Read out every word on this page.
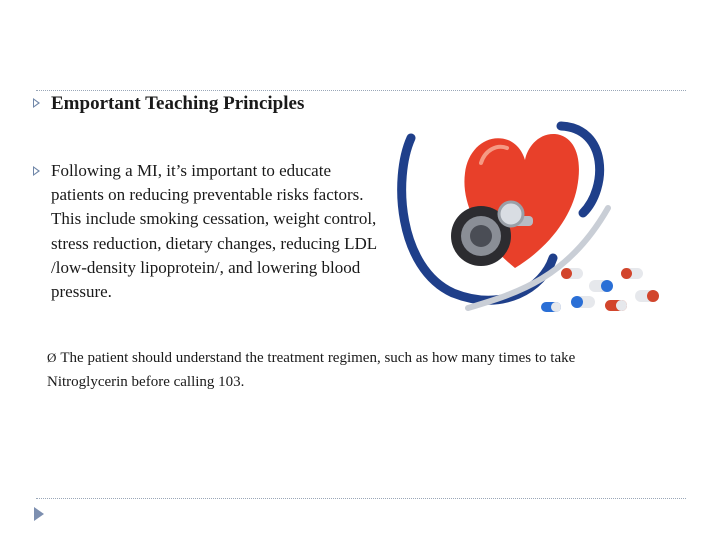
Emportant Teaching Principles
Following a MI, it’s important to educate patients on reducing preventable risks factors. This include smoking cessation, weight control, stress reduction, dietary changes, reducing LDL /low-density lipoprotein/, and lowering blood pressure.
Ø The patient should understand the treatment regimen, such as how many times to take Nitroglycerin before calling 103.
